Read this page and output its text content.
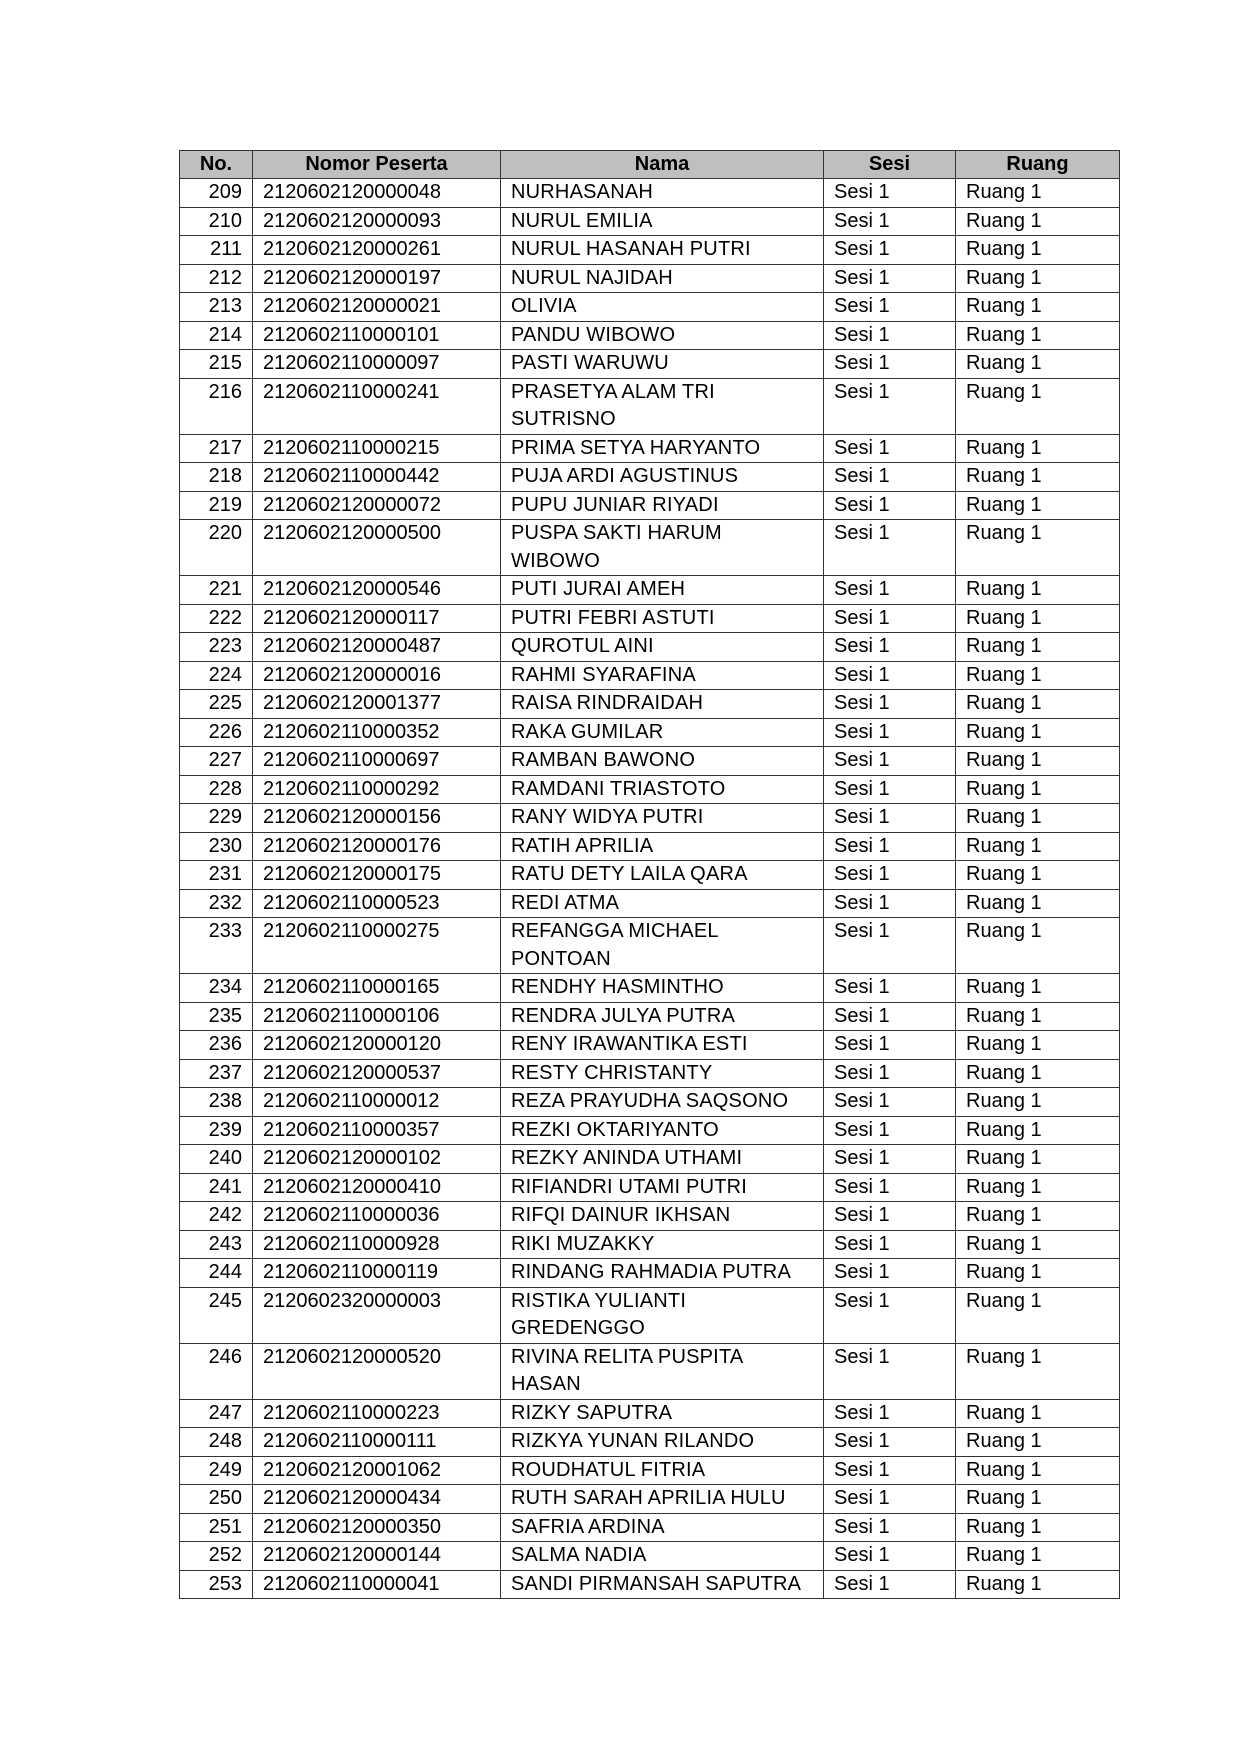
No.	Nomor Peserta	Nama	Sesi	Ruang
209	2120602120000048	NURHASANAH	Sesi 1	Ruang 1
210	2120602120000093	NURUL EMILIA	Sesi 1	Ruang 1
211	2120602120000261	NURUL HASANAH PUTRI	Sesi 1	Ruang 1
212	2120602120000197	NURUL NAJIDAH	Sesi 1	Ruang 1
213	2120602120000021	OLIVIA	Sesi 1	Ruang 1
214	2120602110000101	PANDU WIBOWO	Sesi 1	Ruang 1
215	2120602110000097	PASTI WARUWU	Sesi 1	Ruang 1
216	2120602110000241	PRASETYA ALAM TRI SUTRISNO	Sesi 1	Ruang 1
217	2120602110000215	PRIMA SETYA HARYANTO	Sesi 1	Ruang 1
218	2120602110000442	PUJA ARDI AGUSTINUS	Sesi 1	Ruang 1
219	2120602120000072	PUPU JUNIAR RIYADI	Sesi 1	Ruang 1
220	2120602120000500	PUSPA SAKTI HARUM WIBOWO	Sesi 1	Ruang 1
221	2120602120000546	PUTI JURAI AMEH	Sesi 1	Ruang 1
222	2120602120000117	PUTRI FEBRI ASTUTI	Sesi 1	Ruang 1
223	2120602120000487	QUROTUL AINI	Sesi 1	Ruang 1
224	2120602120000016	RAHMI SYARAFINA	Sesi 1	Ruang 1
225	2120602120001377	RAISA RINDRAIDAH	Sesi 1	Ruang 1
226	2120602110000352	RAKA GUMILAR	Sesi 1	Ruang 1
227	2120602110000697	RAMBAN BAWONO	Sesi 1	Ruang 1
228	2120602110000292	RAMDANI TRIASTOTO	Sesi 1	Ruang 1
229	2120602120000156	RANY WIDYA PUTRI	Sesi 1	Ruang 1
230	2120602120000176	RATIH APRILIA	Sesi 1	Ruang 1
231	2120602120000175	RATU DETY LAILA QARA	Sesi 1	Ruang 1
232	2120602110000523	REDI ATMA	Sesi 1	Ruang 1
233	2120602110000275	REFANGGA MICHAEL PONTOAN	Sesi 1	Ruang 1
234	2120602110000165	RENDHY HASMINTHO	Sesi 1	Ruang 1
235	2120602110000106	RENDRA JULYA PUTRA	Sesi 1	Ruang 1
236	2120602120000120	RENY IRAWANTIKA ESTI	Sesi 1	Ruang 1
237	2120602120000537	RESTY CHRISTANTY	Sesi 1	Ruang 1
238	2120602110000012	REZA PRAYUDHA SAQSONO	Sesi 1	Ruang 1
239	2120602110000357	REZKI OKTARIYANTO	Sesi 1	Ruang 1
240	2120602120000102	REZKY ANINDA UTHAMI	Sesi 1	Ruang 1
241	2120602120000410	RIFIANDRI UTAMI PUTRI	Sesi 1	Ruang 1
242	2120602110000036	RIFQI DAINUR IKHSAN	Sesi 1	Ruang 1
243	2120602110000928	RIKI MUZAKKY	Sesi 1	Ruang 1
244	2120602110000119	RINDANG RAHMADIA PUTRA	Sesi 1	Ruang 1
245	2120602320000003	RISTIKA YULIANTI GREDENGGO	Sesi 1	Ruang 1
246	2120602120000520	RIVINA RELITA PUSPITA HASAN	Sesi 1	Ruang 1
247	2120602110000223	RIZKY SAPUTRA	Sesi 1	Ruang 1
248	2120602110000111	RIZKYA YUNAN RILANDO	Sesi 1	Ruang 1
249	2120602120001062	ROUDHATUL FITRIA	Sesi 1	Ruang 1
250	2120602120000434	RUTH SARAH APRILIA HULU	Sesi 1	Ruang 1
251	2120602120000350	SAFRIA ARDINA	Sesi 1	Ruang 1
252	2120602120000144	SALMA NADIA	Sesi 1	Ruang 1
253	2120602110000041	SANDI PIRMANSAH SAPUTRA	Sesi 1	Ruang 1
